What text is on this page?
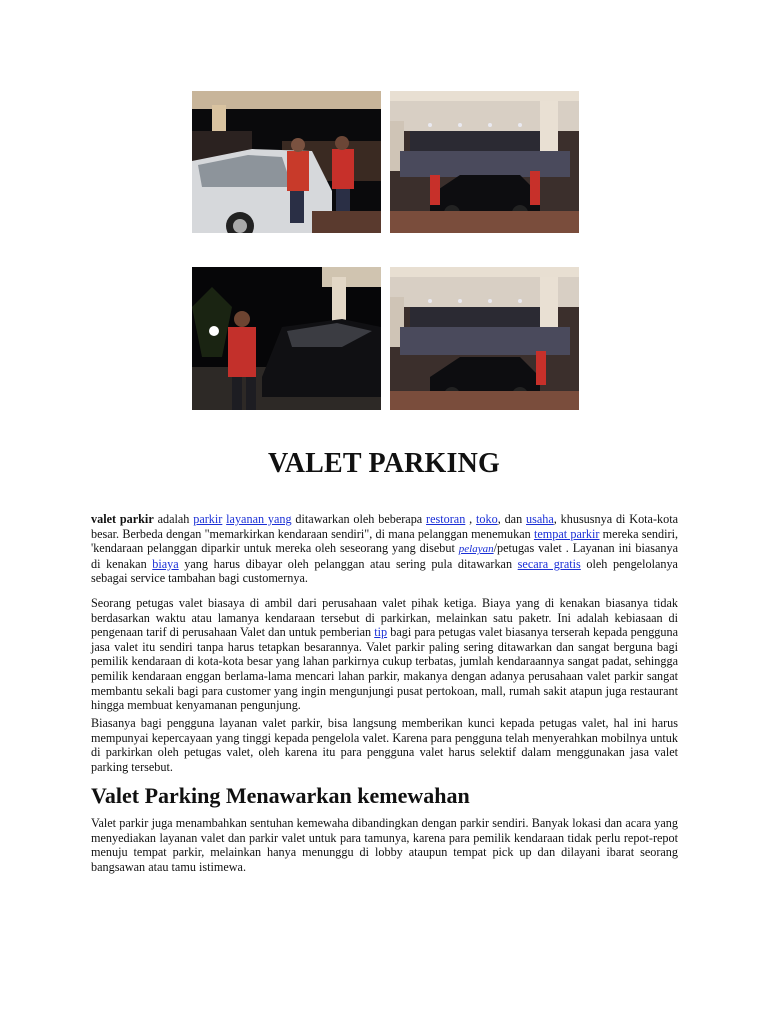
VALET PARKING

valet parkir adalah parkir layanan yang ditawarkan oleh beberapa restoran , toko, dan usaha, khususnya di Kota-kota besar. Berbeda dengan "memarkirkan kendaraan sendiri", di mana pelanggan menemukan tempat parkir mereka sendiri, 'kendaraan pelanggan diparkir untuk mereka oleh seseorang yang disebut pelayan/petugas valet . Layanan ini biasanya di kenakan biaya yang harus dibayar oleh pelanggan atau sering pula ditawarkan secara gratis oleh pengelolanya sebagai service tambahan bagi customernya.

Seorang petugas valet biasaya di ambil dari perusahaan valet pihak ketiga. Biaya yang di kenakan biasanya tidak berdasarkan waktu atau lamanya kendaraan tersebut di parkirkan, melainkan satu paketr. Ini adalah kebiasaan di pengenaan tarif di perusahaan Valet dan untuk pemberian tip bagi para petugas valet biasanya terserah kepada pengguna jasa valet itu sendiri tanpa harus tetapkan besarannya. Valet parkir paling sering ditawarkan dan sangat berguna bagi pemilik kendaraan di kota-kota besar yang lahan parkirnya cukup terbatas, jumlah kendaraannya sangat padat, sehingga pemilik kendaraan enggan berlama-lama mencari lahan parkir, makanya dengan adanya perusahaan valet parkir sangat membantu sekali bagi para customer yang ingin mengunjungi pusat pertokoan, mall, rumah sakit atapun juga restaurant hingga membuat kenyamanan pengunjung.

Biasanya bagi pengguna layanan valet parkir, bisa langsung memberikan kunci kepada petugas valet, hal ini harus mempunyai kepercayaan yang tinggi kepada pengelola valet. Karena para pengguna telah menyerahkan mobilnya untuk di parkirkan oleh petugas valet, oleh karena itu para pengguna valet harus selektif dalam menggunakan jasa valet parking tersebut.

Valet Parking Menawarkan kemewahan

Valet parkir juga menambahkan sentuhan kemewaha dibandingkan dengan parkir sendiri. Banyak lokasi dan acara yang menyediakan layanan valet dan parkir valet untuk para tamunya, karena para pemilik kendaraan tidak perlu repot-repot menuju tempat parkir, melainkan hanya menunggu di lobby ataupun tempat pick up dan dilayani ibarat seorang bangsawan atau tamu istimewa.
